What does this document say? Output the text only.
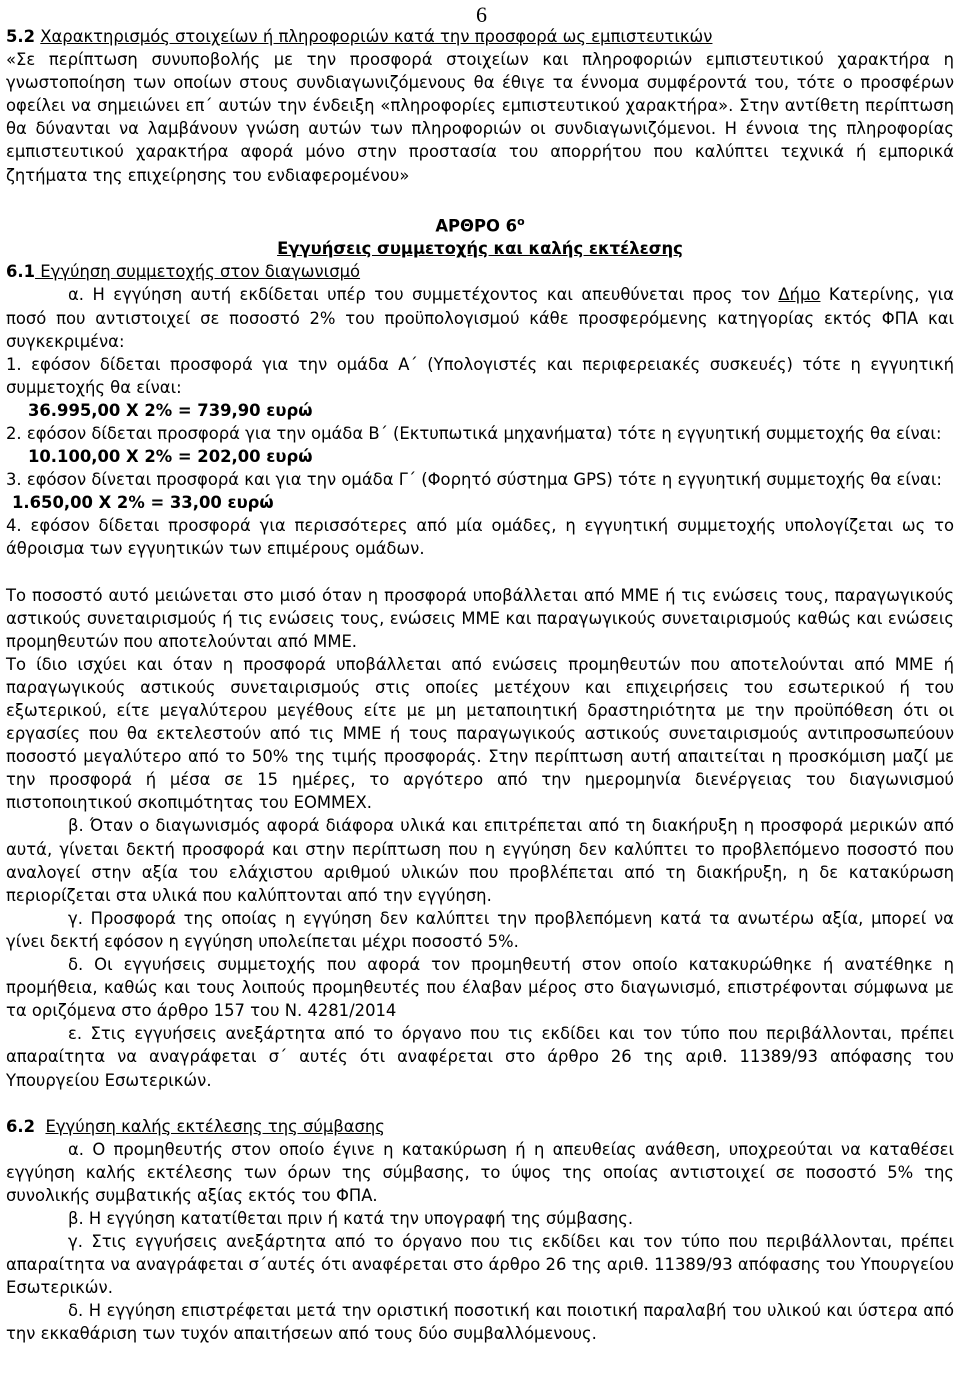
6

5.2 Χαρακτηρισμός στοιχείων ή πληροφοριών κατά την προσφορά ως εμπιστευτικών

«Σε περίπτωση συνυποβολής με την προσφορά στοιχείων και πληροφοριών εμπιστευτικού χαρακτήρα η γνωστοποίηση των οποίων στους συνδιαγωνιζόμενους θα έθιγε τα έννομα συμφέροντά του, τότε ο προσφέρων οφείλει να σημειώνει επ΄ αυτών την ένδειξη «πληροφορίες εμπιστευτικού χαρακτήρα». Στην αντίθετη περίπτωση θα δύνανται να λαμβάνουν γνώση αυτών των πληροφοριών οι συνδιαγωνιζόμενοι. Η έννοια της πληροφορίας εμπιστευτικού χαρακτήρα αφορά μόνο στην προστασία του απορρήτου που καλύπτει τεχνικά ή εμπορικά ζητήματα της επιχείρησης του ενδιαφερομένου»

ΑΡΘΡΟ $6^o$

Εγγυήσεις συμμετοχής και καλής εκτέλεσης

6.1 Εγγύηση συμμετοχής στον διαγωνισμό

α. Η εγγύηση αυτή εκδίδεται υπέρ του συμμετέχοντος και απευθύνεται προς τον Δήμο Κατερίνης, για ποσό που αντιστοιχεί σε ποσοστό 2% του προϋπολογισμού κάθε προσφερόμενης κατηγορίας εκτός ΦΠΑ και συγκεκριμένα:

1. εφόσον δίδεται προσφορά για την ομάδα Α΄ (Υπολογιστές και περιφερειακές συσκευές) τότε η εγγυητική συμμετοχής θα είναι:

36.995,00 Χ 2% = 739,90 ευρώ

2. εφόσον δίδεται προσφορά για την ομάδα Β΄ (Εκτυπωτικά μηχανήματα) τότε η εγγυητική συμμετοχής θα είναι:

10.100,00 Χ 2% = 202,00 ευρώ

3. εφόσον δίνεται προσφορά και για την ομάδα Γ΄ (Φορητό σύστημα GPS) τότε η εγγυητική συμμετοχής θα είναι:

1.650,00 Χ 2% = 33,00 ευρώ

4. εφόσον δίδεται προσφορά για περισσότερες από μία ομάδες, η εγγυητική συμμετοχής υπολογίζεται ως το άθροισμα των εγγυητικών των επιμέρους ομάδων.

Το ποσοστό αυτό μειώνεται στο μισό όταν η προσφορά υποβάλλεται από ΜΜΕ ή τις ενώσεις τους, παραγωγικούς αστικούς συνεταιρισμούς ή τις ενώσεις τους, ενώσεις ΜΜΕ και παραγωγικούς συνεταιρισμούς καθώς και ενώσεις προμηθευτών που αποτελούνται από ΜΜΕ.

Το ίδιο ισχύει και όταν η προσφορά υποβάλλεται από ενώσεις προμηθευτών που αποτελούνται από ΜΜΕ ή παραγωγικούς αστικούς συνεταιρισμούς στις οποίες μετέχουν και επιχειρήσεις του εσωτερικού ή του εξωτερικού, είτε μεγαλύτερου μεγέθους είτε με μη μεταποιητική δραστηριότητα με την προϋπόθεση ότι οι εργασίες που θα εκτελεστούν από τις ΜΜΕ ή τους παραγωγικούς αστικούς συνεταιρισμούς αντιπροσωπεύουν ποσοστό μεγαλύτερο από το 50% της τιμής προσφοράς. Στην περίπτωση αυτή απαιτείται η προσκόμιση μαζί με την προσφορά ή μέσα σε 15 ημέρες, το αργότερο από την ημερομηνία διενέργειας του διαγωνισμού πιστοποιητικού σκοπιμότητας του ΕΟΜΜΕΧ.

β. Όταν ο διαγωνισμός αφορά διάφορα υλικά και επιτρέπεται από τη διακήρυξη η προσφορά μερικών από αυτά, γίνεται δεκτή προσφορά και στην περίπτωση που η εγγύηση δεν καλύπτει το προβλεπόμενο ποσοστό που αναλογεί στην αξία του ελάχιστου αριθμού υλικών που προβλέπεται από τη διακήρυξη, η δε κατακύρωση περιορίζεται στα υλικά που καλύπτονται από την εγγύηση.

γ. Προσφορά της οποίας η εγγύηση δεν καλύπτει την προβλεπόμενη κατά τα ανωτέρω αξία, μπορεί να γίνει δεκτή εφόσον η εγγύηση υπολείπεται μέχρι ποσοστό 5%.

δ. Οι εγγυήσεις συμμετοχής που αφορά τον προμηθευτή στον οποίο κατακυρώθηκε ή ανατέθηκε η προμήθεια, καθώς και τους λοιπούς προμηθευτές που έλαβαν μέρος στο διαγωνισμό, επιστρέφονται σύμφωνα με τα οριζόμενα στο άρθρο 157 του Ν. 4281/2014

ε. Στις εγγυήσεις ανεξάρτητα από το όργανο που τις εκδίδει και τον τύπο που περιβάλλονται, πρέπει απαραίτητα να αναγράφεται σ΄ αυτές ότι αναφέρεται στο άρθρο 26 της αριθ. 11389/93 απόφασης του Υπουργείου Εσωτερικών.

6.2 Εγγύηση καλής εκτέλεσης της σύμβασης

α. Ο προμηθευτής στον οποίο έγινε η κατακύρωση ή η απευθείας ανάθεση, υποχρεούται να καταθέσει εγγύηση καλής εκτέλεσης των όρων της σύμβασης, το ύψος της οποίας αντιστοιχεί σε ποσοστό 5% της συνολικής συμβατικής αξίας εκτός του ΦΠΑ.

β. Η εγγύηση κατατίθεται πριν ή κατά την υπογραφή της σύμβασης.

γ. Στις εγγυήσεις ανεξάρτητα από το όργανο που τις εκδίδει και τον τύπο που περιβάλλονται, πρέπει απαραίτητα να αναγράφεται σ΄αυτές ότι αναφέρεται στο άρθρο 26 της αριθ. 11389/93 απόφασης του Υπουργείου Εσωτερικών.

δ. Η εγγύηση επιστρέφεται μετά την οριστική ποσοτική και ποιοτική παραλαβή του υλικού και ύστερα από την εκκαθάριση των τυχόν απαιτήσεων από τους δύο συμβαλλόμενους.
